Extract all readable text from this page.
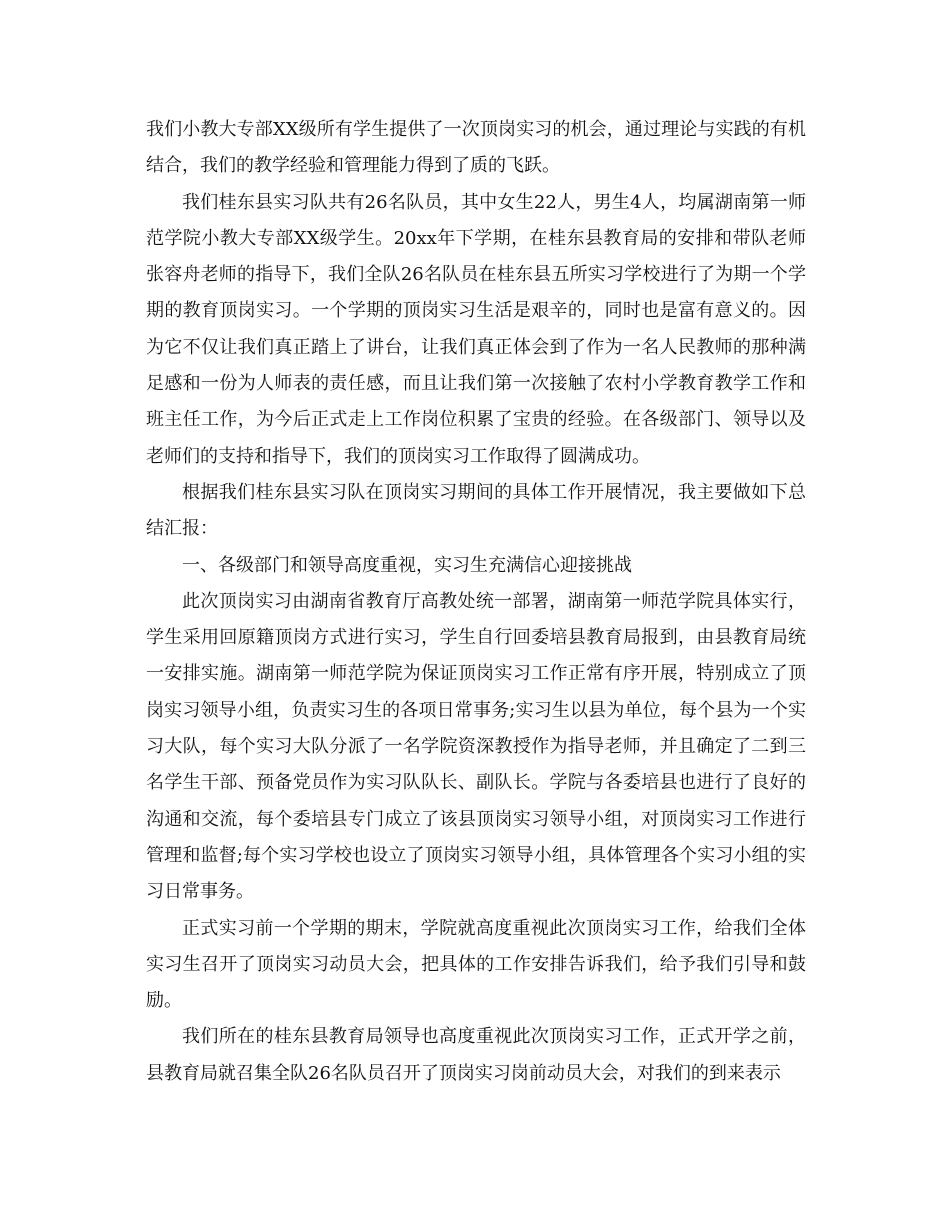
我们小教大专部XX级所有学生提供了一次顶岗实习的机会，通过理论与实践的有机结合，我们的教学经验和管理能力得到了质的飞跃。

我们桂东县实习队共有26名队员，其中女生22人，男生4人，均属湖南第一师范学院小教大专部XX级学生。20xx年下学期，在桂东县教育局的安排和带队老师张容舟老师的指导下，我们全队26名队员在桂东县五所实习学校进行了为期一个学期的教育顶岗实习。一个学期的顶岗实习生活是艰辛的，同时也是富有意义的。因为它不仅让我们真正踏上了讲台，让我们真正体会到了作为一名人民教师的那种满足感和一份为人师表的责任感，而且让我们第一次接触了农村小学教育教学工作和班主任工作，为今后正式走上工作岗位积累了宝贵的经验。在各级部门、领导以及老师们的支持和指导下，我们的顶岗实习工作取得了圆满成功。

根据我们桂东县实习队在顶岗实习期间的具体工作开展情况，我主要做如下总结汇报：

一、各级部门和领导高度重视，实习生充满信心迎接挑战

此次顶岗实习由湖南省教育厅高教处统一部署，湖南第一师范学院具体实行，学生采用回原籍顶岗方式进行实习，学生自行回委培县教育局报到，由县教育局统一安排实施。湖南第一师范学院为保证顶岗实习工作正常有序开展，特别成立了顶岗实习领导小组，负责实习生的各项日常事务;实习生以县为单位，每个县为一个实习大队，每个实习大队分派了一名学院资深教授作为指导老师，并且确定了二到三名学生干部、预备党员作为实习队队长、副队长。学院与各委培县也进行了良好的沟通和交流，每个委培县专门成立了该县顶岗实习领导小组，对顶岗实习工作进行管理和监督;每个实习学校也设立了顶岗实习领导小组，具体管理各个实习小组的实习日常事务。

正式实习前一个学期的期末，学院就高度重视此次顶岗实习工作，给我们全体实习生召开了顶岗实习动员大会，把具体的工作安排告诉我们，给予我们引导和鼓励。

我们所在的桂东县教育局领导也高度重视此次顶岗实习工作，正式开学之前，县教育局就召集全队26名队员召开了顶岗实习岗前动员大会，对我们的到来表示
